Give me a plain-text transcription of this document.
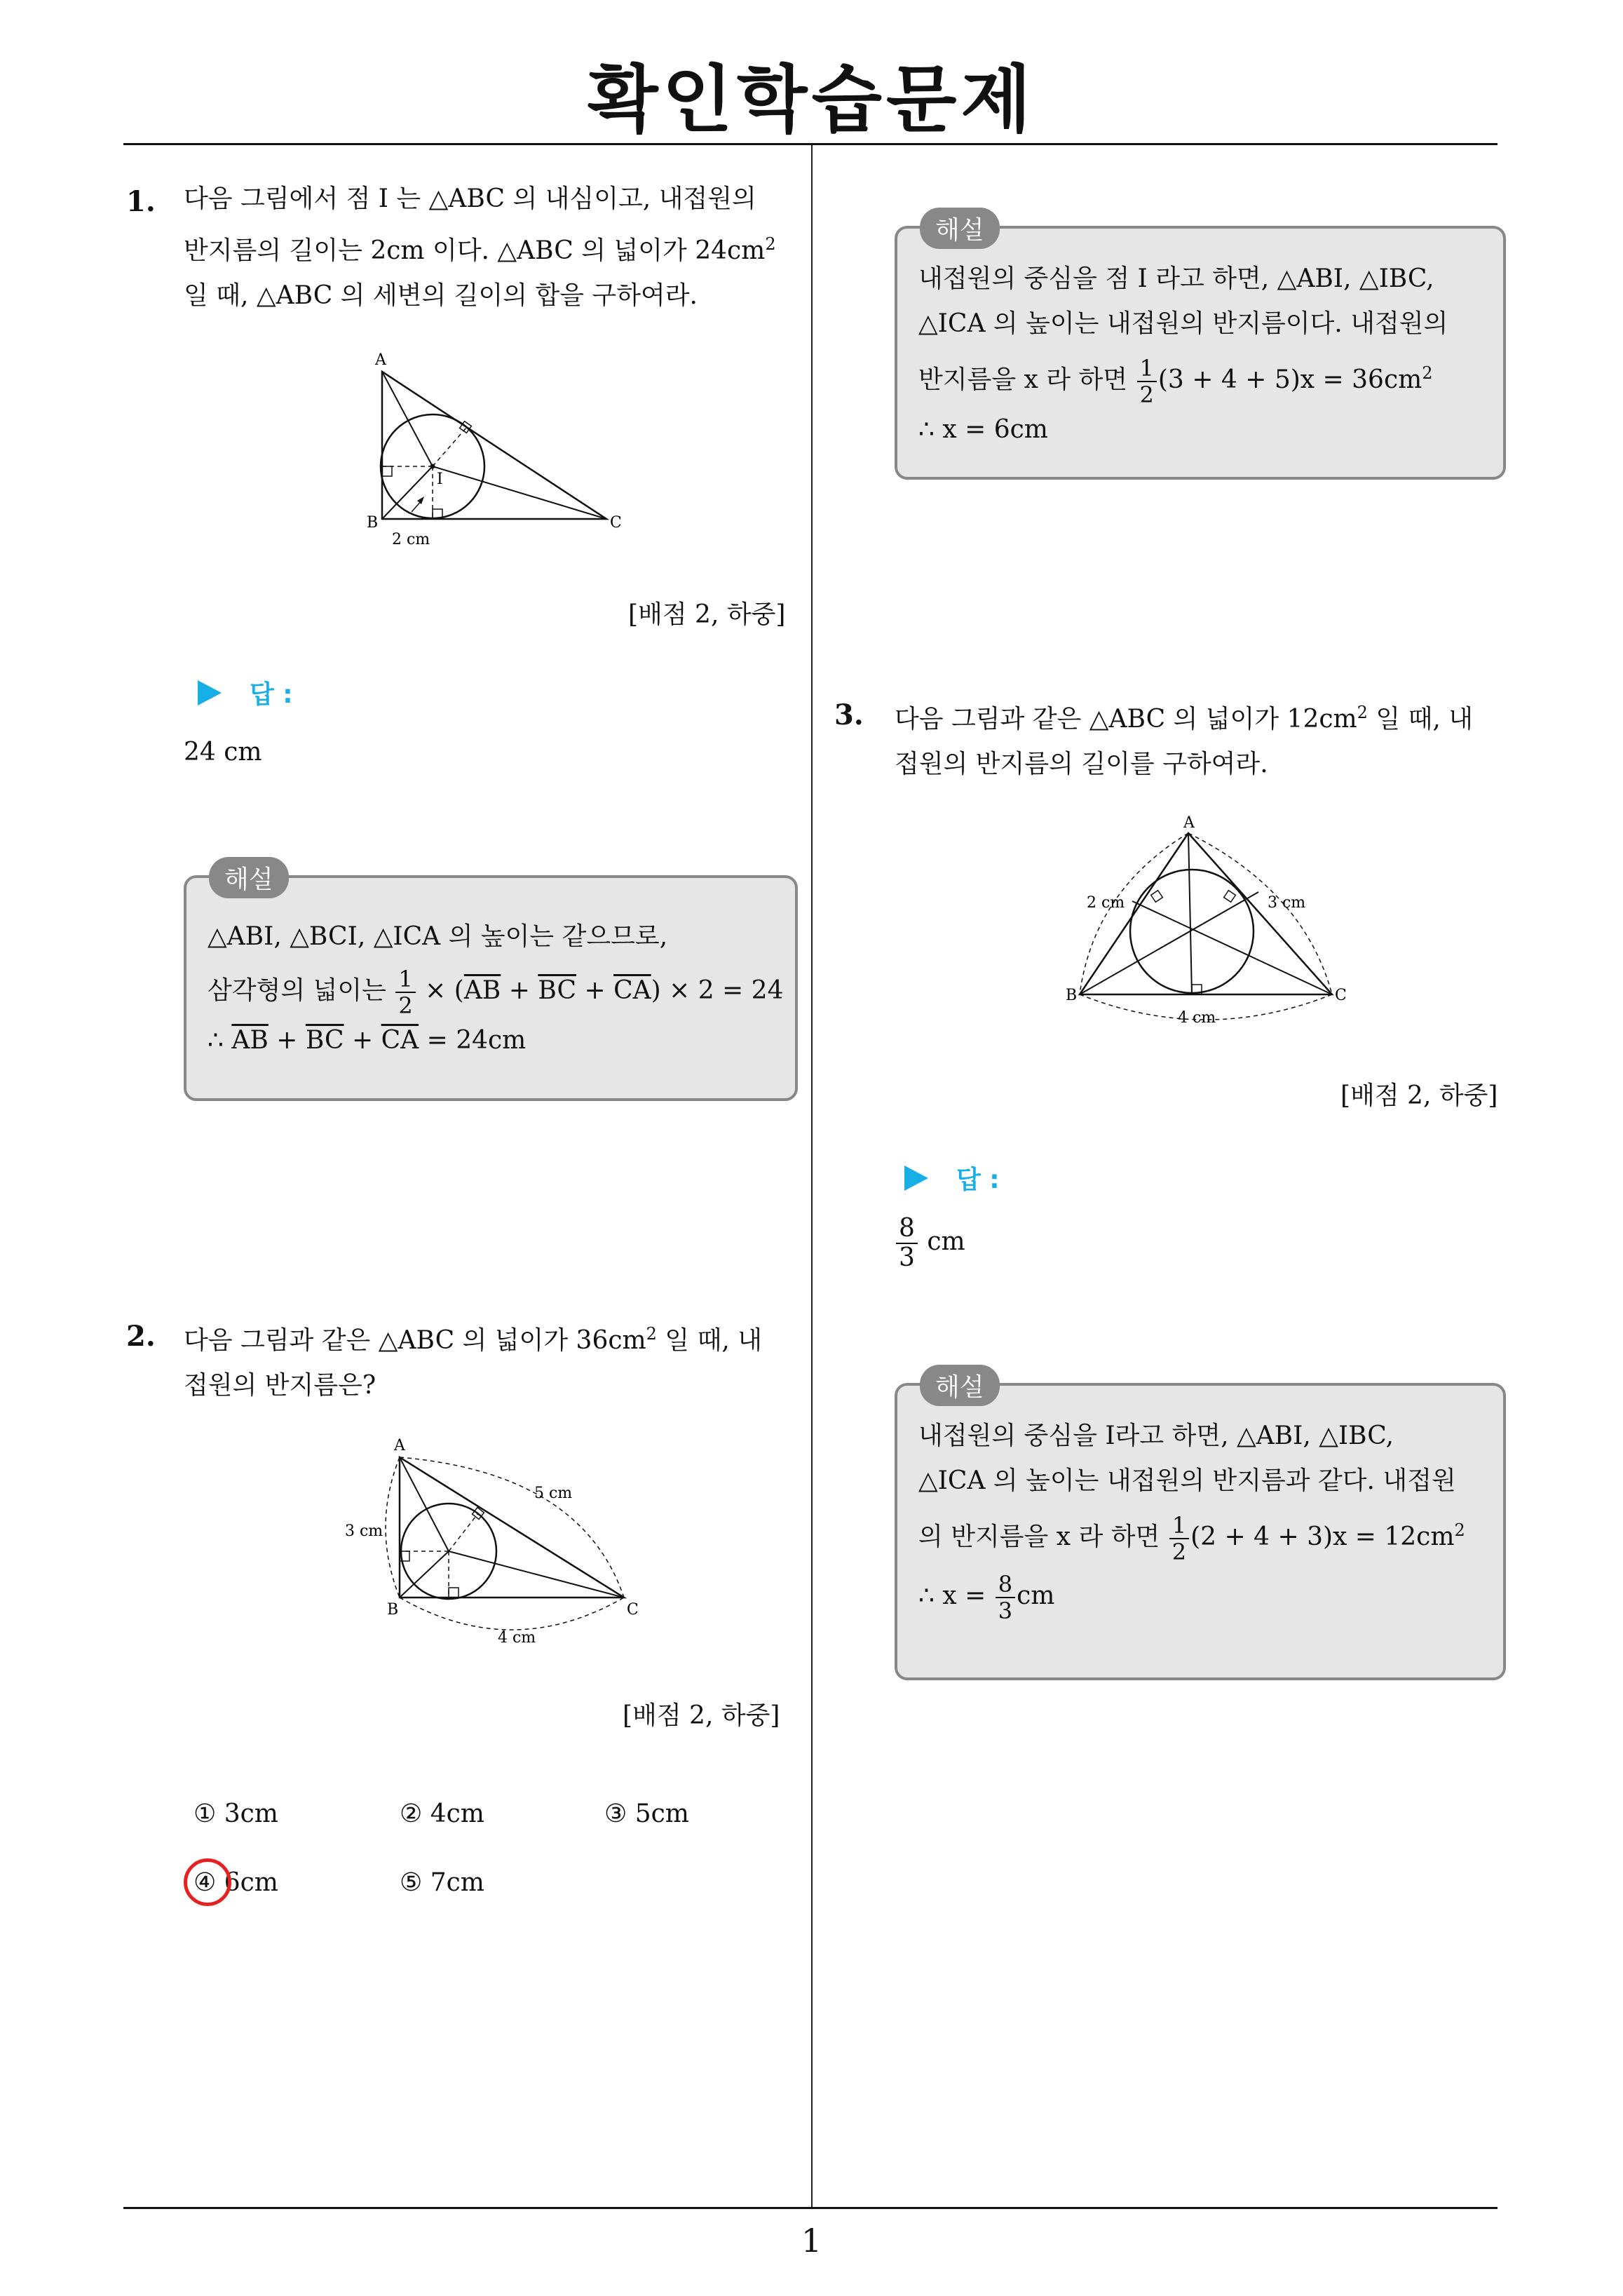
확인학습문제
1. 다음 그림에서 점 I 는 △ABC 의 내심이고, 내접원의
반지름의 길이는 2cm 이다. △ABC 의 넓이가 $24cm^2$
일 때, △ABC 의 세변의 길이의 합을 구하여라.
A
B	C
I
2 cm
[배점 2, 하중]
답 :
24 cm
해설
△ABI, △BCI, △ICA 의 높이는 같으므로,
삼각형의 넓이는 $\frac{1}{2} \times (\overline{AB} + \overline{BC} + \overline{CA}) \times 2 = 24$
∴ $\overline{AB} + \overline{BC} + \overline{CA} = 24cm$
2. 다음 그림과 같은 △ABC 의 넓이가 $36cm^2$ 일 때, 내
접원의 반지름은?
A
B	C
3 cm
5 cm
4 cm
[배점 2, 하중]
① 3cm	② 4cm	③ 5cm
④ 6cm	⑤ 7cm
해설
내접원의 중심을 점 I 라고 하면, △ABI, △IBC,
△ICA 의 높이는 내접원의 반지름이다. 내접원의
반지름을 x 라 하면 $\frac{1}{2} (3 + 4 + 5)x = 36cm^2$
∴ x = 6cm
3. 다음 그림과 같은 △ABC 의 넓이가 $12cm^2$ 일 때, 내
접원의 반지름의 길이를 구하여라.
A
B	C
2 cm	3 cm
4 cm
[배점 2, 하중]
답 :
$\frac{8}{3}$ cm
해설
내접원의 중심을 I라고 하면, △ABI, △IBC,
△ICA 의 높이는 내접원의 반지름과 같다. 내접원
의 반지름을 x 라 하면 $\frac{1}{2} (2 + 4 + 3)x = 12cm^2$
∴ $x = \frac{8}{3}$ cm
1
